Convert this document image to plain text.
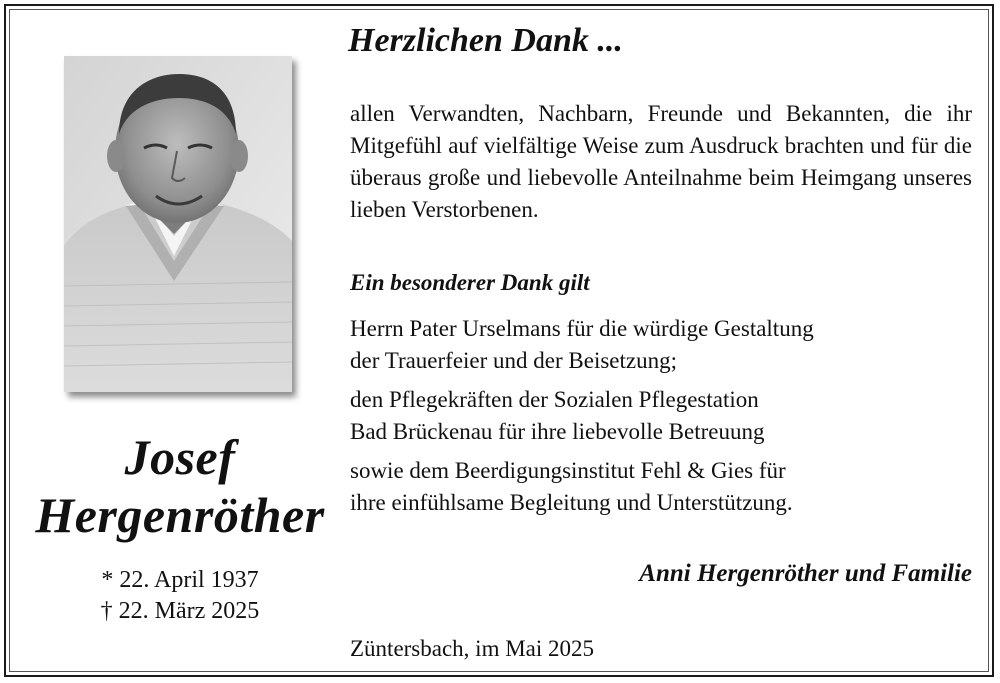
Josef
Hergenröther
* 22. April 1937
† 22. März 2025
Herzlichen Dank ...
allen Verwandten, Nachbarn, Freunde und Bekannten, die ihr Mitgefühl auf vielfältige Weise zum Ausdruck brachten und für die überaus große und liebevolle Anteilnahme beim Heimgang unseres lieben Verstorbenen.
Ein besonderer Dank gilt
Herrn Pater Urselmans für die würdige Gestaltung
der Trauerfeier und der Beisetzung;
den Pflegekräften der Sozialen Pflegestation
Bad Brückenau für ihre liebevolle Betreuung
sowie dem Beerdigungsinstitut Fehl & Gies für
ihre einfühlsame Begleitung und Unterstützung.
Anni Hergenröther und Familie
Züntersbach, im Mai 2025
